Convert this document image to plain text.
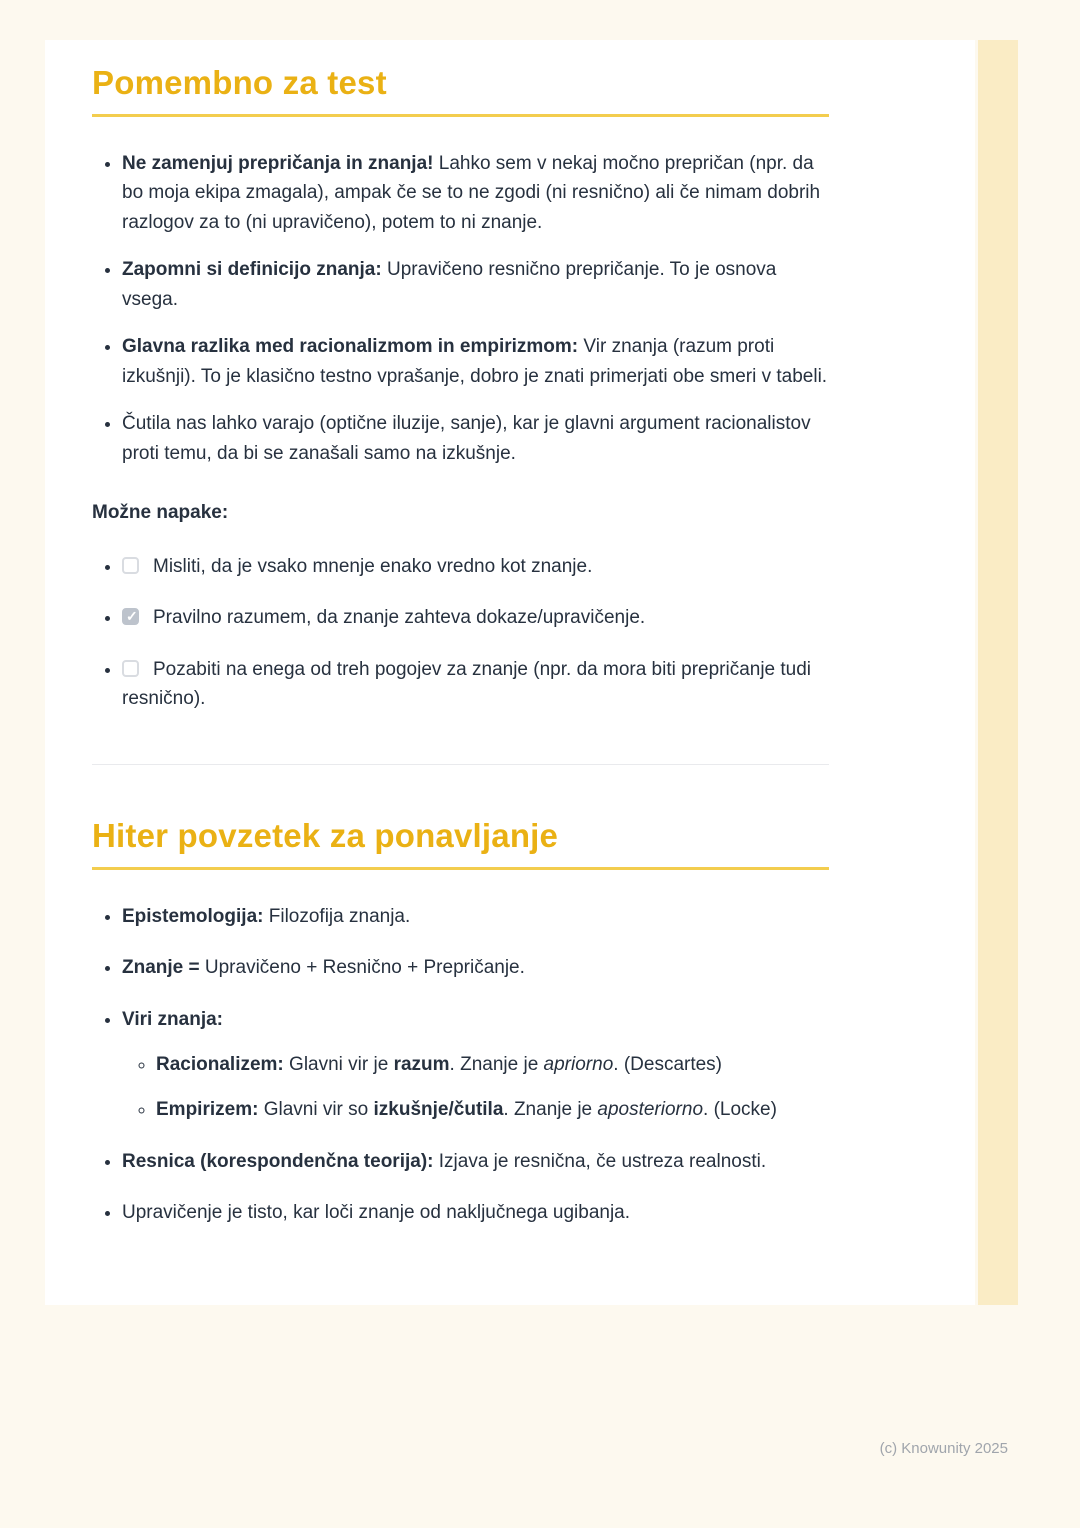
Pomembno za test
• Ne zamenjuj prepričanja in znanja! Lahko sem v nekaj močno prepričan (npr. da bo moja ekipa zmagala), ampak če se to ne zgodi (ni resnično) ali če nimam dobrih razlogov za to (ni upravičeno), potem to ni znanje.
• Zapomni si definicijo znanja: Upravičeno resnično prepričanje. To je osnova vsega.
• Glavna razlika med racionalizmom in empirizmom: Vir znanja (razum proti izkušnji). To je klasično testno vprašanje, dobro je znati primerjati obe smeri v tabeli.
• Čutila nas lahko varajo (optične iluzije, sanje), kar je glavni argument racionalistov proti temu, da bi se zanašali samo na izkušnje.
Možne napake:
• Misliti, da je vsako mnenje enako vredno kot znanje.
✓• Pravilno razumem, da znanje zahteva dokaze/upravičenje.
• Pozabiti na enega od treh pogojev za znanje (npr. da mora biti prepričanje tudi resnično).
Hiter povzetek za ponavljanje
• Epistemologija: Filozofija znanja.
• Znanje = Upravičeno + Resnično + Prepričanje.
• Viri znanja:
◦ Racionalizem: Glavni vir je razum. Znanje je apriorno. (Descartes)
◦ Empirizem: Glavni vir so izkušnje/čutila. Znanje je aposteriorno. (Locke)
• Resnica (korespondenčna teorija): Izjava je resnična, če ustreza realnosti.
• Upravičenje je tisto, kar loči znanje od naključnega ugibanja.
(c) Knowunity 2025
